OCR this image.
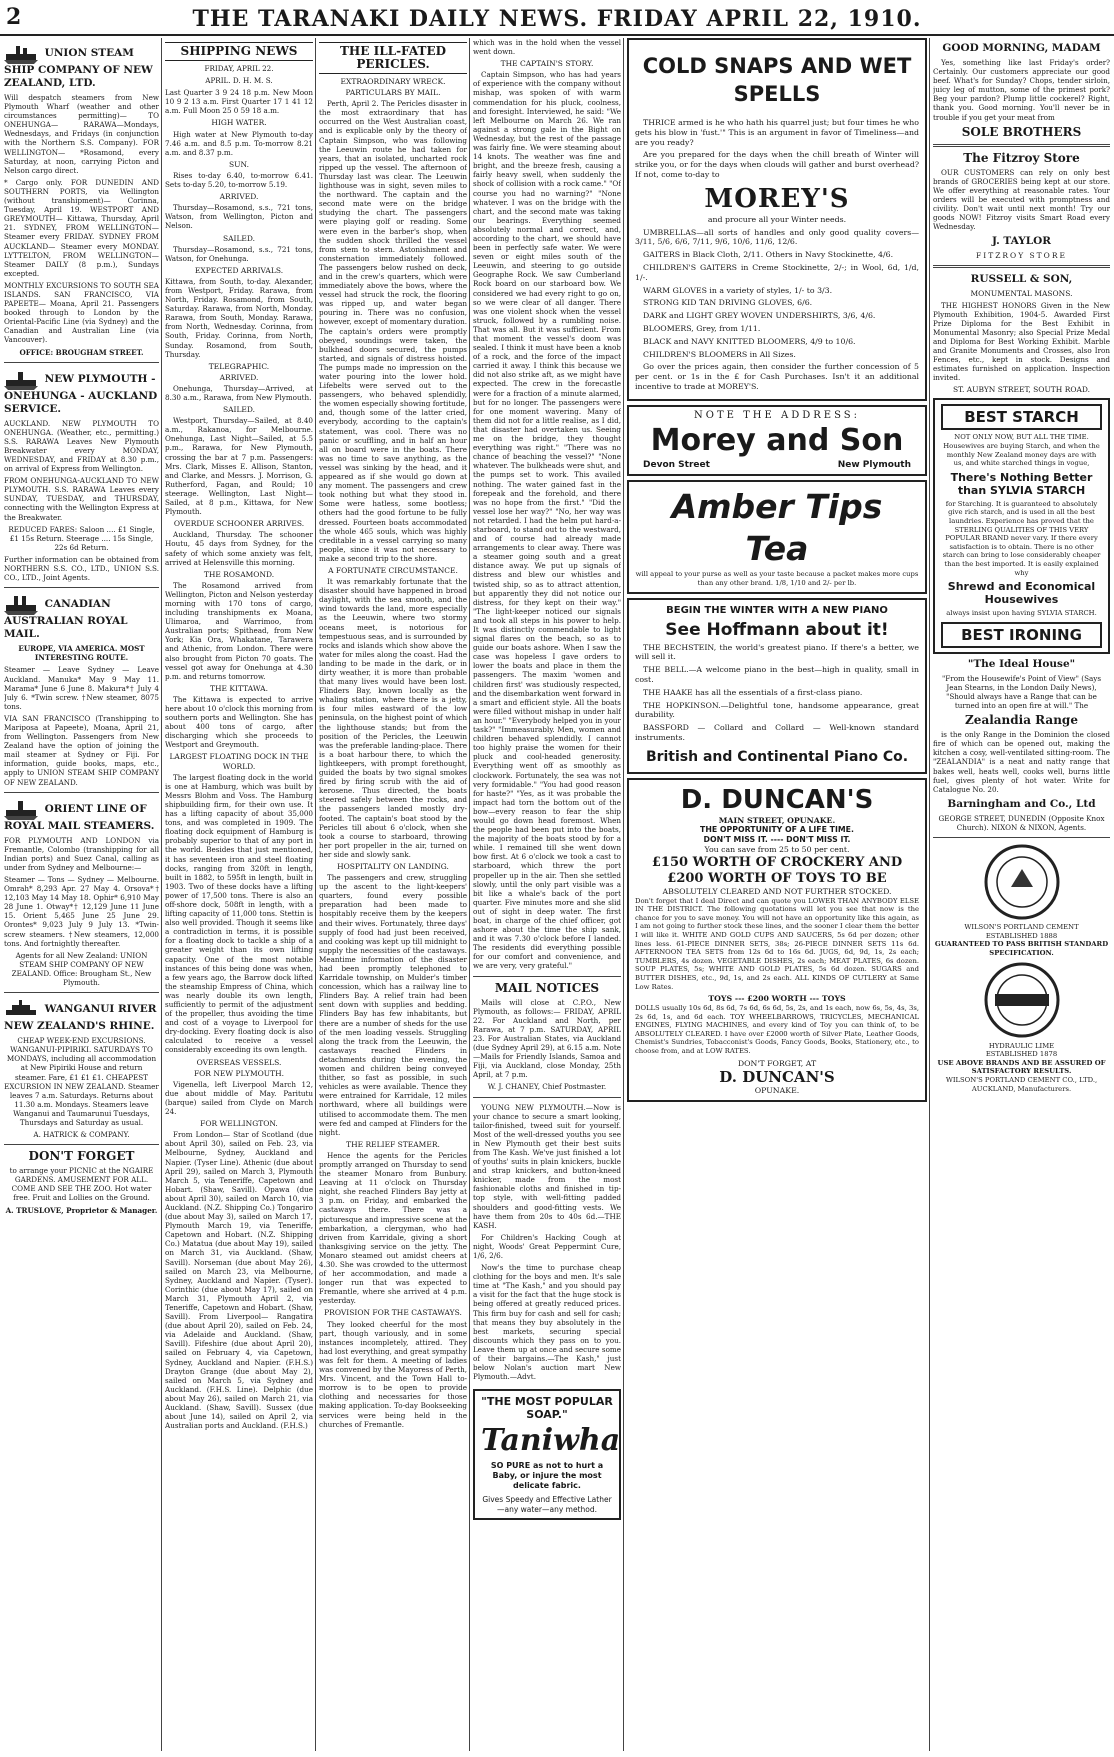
2	THE TARANAKI DAILY NEWS. FRIDAY APRIL 22, 1910.
UNION STEAM SHIP COMPANY OF NEW ZEALAND, LTD.

Will despatch steamers from New Plymouth Wharf (weather and other circumstances permitting)— TO ONEHUNGA— RARAWA—Mondays, Wednesdays, and Fridays (in conjunction with the Northern S.S. Company). FOR WELLINGTON— *Rosamond, every Saturday, at noon, carrying Picton and Nelson cargo direct.

* Cargo only. FOR DUNEDIN AND SOUTHERN PORTS, via Wellington (without transhipment)— Corinna, Tuesday, April 19. WESTPORT AND GREYMOUTH— Kittawa, Thursday, April 21. SYDNEY, FROM WELLINGTON— Steamer every FRIDAY. SYDNEY FROM AUCKLAND— Steamer every MONDAY. LYTTELTON, FROM WELLINGTON— Steamer DAILY (8 p.m.), Sundays excepted.

MONTHLY EXCURSIONS TO SOUTH SEA ISLANDS. SAN FRANCISCO, VIA PAPEETE— Moana, April 21. Passengers booked through to London by the Oriental-Pacific Line (via Sydney) and the Canadian and Australian Line (via Vancouver).

OFFICE: BROUGHAM STREET.

NEW PLYMOUTH - ONEHUNGA - AUCKLAND SERVICE.

AUCKLAND. NEW PLYMOUTH TO ONEHUNGA. (Weather, etc., permitting.) S.S. RARAWA Leaves New Plymouth Breakwater every MONDAY, WEDNESDAY, and FRIDAY at 8.30 p.m., on arrival of Express from Wellington.

FROM ONEHUNGA-AUCKLAND TO NEW PLYMOUTH. S.S. RARAWA Leaves every SUNDAY, TUESDAY, and THURSDAY, connecting with the Wellington Express at the Breakwater.

REDUCED FARES: Saloon .... £1 Single, £1 15s Return. Steerage .... 15s Single, 22s 6d Return.

Further information can be obtained from NORTHERN S.S. CO., LTD., UNION S.S. CO., LTD., Joint Agents.

CANADIAN AUSTRALIAN ROYAL MAIL.

EUROPE, VIA AMERICA. MOST INTERESTING ROUTE.

Steamer — Leave Sydney — Leave Auckland. Manuka* May 9 May 11. Marama* June 6 June 8. Makura*† July 4 July 6. *Twin screw. †New steamer, 8075 tons.

VIA SAN FRANCISCO (Transhipping to Mariposa at Papeete), Moana, April 21, from Wellington. Passengers from New Zealand have the option of joining the mail steamer at Sydney or Fiji. For information, guide books, maps, etc., apply to UNION STEAM SHIP COMPANY OF NEW ZEALAND.

ORIENT LINE OF ROYAL MAIL STEAMERS.

FOR PLYMOUTH AND LONDON via Fremantle, Colombo (transhipping for all Indian ports) and Suez Canal, calling as under from Sydney and Melbourne:—

Steamer — Tons — Sydney — Melbourne. Omrah* 8,293 Apr. 27 May 4. Orsova*† 12,103 May 14 May 18. Ophir* 6,910 May 28 June 1. Otway*† 12,129 June 11 June 15. Orient 5,465 June 25 June 29. Orontes* 9,023 July 9 July 13. *Twin-screw steamers. †New steamers, 12,000 tons. And fortnightly thereafter.

Agents for all New Zealand: UNION STEAM SHIP COMPANY OF NEW ZEALAND. Office: Brougham St., New Plymouth.

WANGANUI RIVER NEW ZEALAND'S RHINE.

CHEAP WEEK-END EXCURSIONS. WANGANUI-PIPIRIKI. SATURDAYS TO MONDAYS, including all accommodation at New Pipiriki House and return steamer. Fare, £1 £1 £1. CHEAPEST EXCURSION IN NEW ZEALAND. Steamer leaves 7 a.m. Saturdays. Returns about 11.30 a.m. Mondays. Steamers leave Wanganui and Taumarunui Tuesdays, Thursdays and Saturday as usual.

A. HATRICK & COMPANY.

DON'T FORGET

to arrange your PICNIC at the NGAIRE GARDENS. AMUSEMENT FOR ALL. COME AND SEE THE ZOO. Hot water free. Fruit and Lollies on the Ground.

A. TRUSLOVE, Proprietor & Manager.

SHIPPING NEWS

FRIDAY, APRIL 22.

APRIL. D. H. M. S.

Last Quarter 3 9 24 18 p.m. New Moon 10 9 2 13 a.m. First Quarter 17 1 41 12 a.m. Full Moon 25 0 59 18 a.m.

HIGH WATER.

High water at New Plymouth to-day 7.46 a.m. and 8.5 p.m. To-morrow 8.21 a.m. and 8.37 p.m.

SUN.

Rises to-day 6.40, to-morrow 6.41. Sets to-day 5.20, to-morrow 5.19.

ARRIVED.

Thursday—Rosamond, s.s., 721 tons, Watson, from Wellington, Picton and Nelson.

SAILED.

Thursday—Rosamond, s.s., 721 tons, Watson, for Onehunga.

EXPECTED ARRIVALS.

Kittawa, from South, to-day. Alexander, from Westport, Friday. Rarawa, from North, Friday. Rosamond, from South, Saturday. Rarawa, from North, Monday. Rarawa, from South, Monday. Rarawa, from North, Wednesday. Corinna, from South, Friday. Corinna, from North, Sunday. Rosamond, from South, Thursday.

TELEGRAPHIC.
ARRIVED.

Onehunga, Thursday—Arrived, at 8.30 a.m., Rarawa, from New Plymouth.

SAILED.

Westport, Thursday—Sailed, at 8.40 a.m., Rakanoa, for Melbourne. Onehunga, Last Night—Sailed, at 5.5 p.m., Rarawa, for New Plymouth, crossing the bar at 7 p.m. Passengers: Mrs. Clark, Misses E. Allison, Stanton, and Clarke, and Messrs. J. Morrison, G. Rutherford, Fagan, and Rould; 10 steerage. Wellington, Last Night—Sailed, at 8 p.m., Kittawa, for New Plymouth.

OVERDUE SCHOONER ARRIVES.

Auckland, Thursday. The schooner Houtu, 45 days from Sydney, for the safety of which some anxiety was felt, arrived at Helensville this morning.

THE ROSAMOND.

The Rosamond arrived from Wellington, Picton and Nelson yesterday morning with 170 tons of cargo, including transhipments ex Moana, Ulimaroa, and Warrimoo, from Australian ports; Spithead, from New York; Kia Ora, Whakatane, Tarawera and Athenic, from London. There were also brought from Picton 70 goats. The vessel got away for Onehunga at 4.30 p.m. and returns tomorrow.

THE KITTAWA.

The Kittawa is expected to arrive here about 10 o'clock this morning from southern ports and Wellington. She has about 400 tons of cargo, after discharging which she proceeds to Westport and Greymouth.

LARGEST FLOATING DOCK IN THE WORLD.

The largest floating dock in the world is one at Hamburg, which was built by Messrs Blohm and Voss. The Hamburg shipbuilding firm, for their own use. It has a lifting capacity of about 35,000 tons, and was completed in 1909. The floating dock equipment of Hamburg is probably superior to that of any port in the world. Besides that just mentioned, it has seventeen iron and steel floating docks, ranging from 320ft in length, built in 1882, to 595ft in length, built in 1903. Two of these docks have a lifting power of 17,500 tons. There is also an off-shore dock, 508ft in length, with a lifting capacity of 11,000 tons. Stettin is also well provided. Though it seems like a contradiction in terms, it is possible for a floating dock to tackle a ship of a greater weight than its own lifting capacity. One of the most notable instances of this being done was when, a few years ago, the Barrow dock lifted the steamship Empress of China, which was nearly double its own length, sufficiently to permit of the adjustment of the propeller, thus avoiding the time and cost of a voyage to Liverpool for dry-docking. Every floating dock is also calculated to receive a vessel considerably exceeding its own length.

OVERSEAS VESSELS.
FOR NEW PLYMOUTH.

Vigenella, left Liverpool March 12, due about middle of May. Paritutu (barque) sailed from Clyde on March 24.

FOR WELLINGTON.

From London— Star of Scotland (due about April 30), sailed on Feb. 23, via Melbourne, Sydney, Auckland and Napier. (Tyser Line). Athenic (due about April 29), sailed on March 3, Plymouth March 5, via Teneriffe, Capetown and Hobart. (Shaw, Savill). Opawa (due about April 30), sailed on March 10, via Auckland. (N.Z. Shipping Co.) Tongariro (due about May 3), sailed on March 17, Plymouth March 19, via Teneriffe, Capetown and Hobart. (N.Z. Shipping Co.) Matatua (due about May 19), sailed on March 31, via Auckland. (Shaw, Savill). Norseman (due about May 26), sailed on March 23, via Melbourne, Sydney, Auckland and Napier. (Tyser). Corinthic (due about May 17), sailed on March 31, Plymouth April 2, via Teneriffe, Capetown and Hobart. (Shaw, Savill). From Liverpool— Rangatira (due about April 20), sailed on Feb. 24, via Adelaide and Auckland. (Shaw, Savill). Fifeshire (due about April 20), sailed on February 4, via Capetown, Sydney, Auckland and Napier. (F.H.S.) Drayton Grange (due about May 2), sailed on March 5, via Sydney and Auckland. (F.H.S. Line). Delphic (due about May 26), sailed on March 21, via Auckland. (Shaw, Savill). Sussex (due about June 14), sailed on April 2, via Australian ports and Auckland. (F.H.S.)

THE ILL-FATED PERICLES.
EXTRAORDINARY WRECK.
PARTICULARS BY MAIL.

Perth, April 2. The Pericles disaster in the most extraordinary that has occurred on the West Australian coast, and is explicable only by the theory of Captain Simpson, who was following the Leeuwin route he had taken for years, that an isolated, uncharted rock ripped up the vessel. The afternoon of Thursday last was clear. The Leeuwin lighthouse was in sight, seven miles to the northward. The captain and the second mate were on the bridge studying the chart. The passengers were playing golf or reading. Some were even in the barber's shop, when the sudden shock thrilled the vessel from stem to stern. Astonishment and consternation immediately followed. The passengers below rushed on deck, and in the crew's quarters, which were immediately above the bows, where the vessel had struck the rock, the flooring was ripped up, and water began pouring in. There was no confusion, however, except of momentary duration. The captain's orders were promptly obeyed, soundings were taken, the bulkhead doors secured, the pumps started, and signals of distress hoisted. The pumps made no impression on the water pouring into the lower hold. Lifebelts were served out to the passengers, who behaved splendidly, the women especially showing fortitude, and, though some of the latter cried, everybody, according to the captain's statement, was cool. There was no panic or scuffling, and in half an hour all on board were in the boats. There was no time to save anything, as the vessel was sinking by the head, and it appeared as if she would go down at any moment. The passengers and crew took nothing but what they stood in. Some were hatless, some bootless; others had the good fortune to be fully dressed. Fourteen boats accommodated the whole 465 souls, which was highly creditable in a vessel carrying so many people, since it was not necessary to make a second trip to the shore.

A FORTUNATE CIRCUMSTANCE.

It was remarkably fortunate that the disaster should have happened in broad daylight, with the sea smooth, and the wind towards the land, more especially as the Leeuwin, where two stormy oceans meet, is notorious for tempestuous seas, and is surrounded by rocks and islands which show above the water for miles along the coast. Had the landing to be made in the dark, or in dirty weather, it is more than probable that many lives would have been lost. Flinders Bay, known locally as the whaling station, where there is a jetty, is four miles eastward of the low peninsula, on the highest point of which the lighthouse stands; but from the position of the Pericles, the Leeuwin was the preferable landing-place. There is a boat harbour there, to which the lightkeepers, with prompt forethought, guided the boats by two signal smokes fired by firing scrub with the aid of kerosene. Thus directed, the boats steered safely between the rocks, and the passengers landed mostly dry-footed. The captain's boat stood by the Pericles till about 6 o'clock, when she took a course to starboard, throwing her port propeller in the air, turned on her side and slowly sank.

HOSPITALITY ON LANDING.

The passengers and crew, struggling up the ascent to the light-keepers' quarters, found every possible preparation had been made to hospitably receive them by the keepers and their wives. Fortunately, three days' supply of food had just been received, and cooking was kept up till midnight to supply the necessities of the castaways. Meantime information of the disaster had been promptly telephoned to Karridale township, on Mulder's timber concession, which has a railway line to Flinders Bay. A relief train had been sent down with supplies and bedding. Flinders Bay has few inhabitants, but there are a number of sheds for the use of the men loading vessels. Struggling along the track from the Leeuwin, the castaways reached Flinders in detachments during the evening, the women and children being conveyed thither, so fast as possible, in such vehicles as were available. Thence they were entrained for Karridale, 12 miles northward, where all buildings were utilised to accommodate them. The men were fed and camped at Flinders for the night.

THE RELIEF STEAMER.

Hence the agents for the Pericles promptly arranged on Thursday to send the steamer Monaro from Bunbury. Leaving at 11 o'clock on Thursday night, she reached Flinders Bay jetty at 3 p.m. on Friday, and embarked the castaways there. There was a picturesque and impressive scene at the embarkation, a clergyman, who had driven from Karridale, giving a short thanksgiving service on the jetty. The Monaro steamed out amidst cheers at 4.30. She was crowded to the uttermost of her accommodation, and made a longer run that was expected to Fremantle, where she arrived at 4 p.m. yesterday.

PROVISION FOR THE CASTAWAYS.

They looked cheerful for the most part, though variously, and in some instances incompletely, attired. They had lost everything, and great sympathy was felt for them. A meeting of ladies was convened by the Mayoress of Perth, Mrs. Vincent, and the Town Hall to-morrow is to be open to provide clothing and necessaries for those making application. To-day Bookseeking services were being held in the churches of Fremantle.

which was in the hold when the vessel went down.

THE CAPTAIN'S STORY.

Captain Simpson, who has had years of experience with the company without mishap, was spoken of with warm commendation for his pluck, coolness, and foresight. Interviewed, he said: "We left Melbourne on March 26. We ran against a strong gale in the Bight on Wednesday, but the rest of the passage was fairly fine. We were steaming about 14 knots. The weather was fine and bright, and the breeze fresh, causing a fairly heavy swell, when suddenly the shock of collision with a rock came." "Of course you had no warning?" "None whatever. I was on the bridge with the chart, and the second mate was taking our bearings. Everything seemed absolutely normal and correct, and, according to the chart, we should have been in perfectly safe water. We were seven or eight miles south of the Leeuwin, and steering to go outside Geographe Rock. We saw Cumberland Rock board on our starboard bow. We considered we had every right to go on, so we were clear of all danger. There was one violent shock when the vessel struck, followed by a rumbling noise. That was all. But it was sufficient. From that moment the vessel's doom was sealed. I think it must have been a knob of a rock, and the force of the impact carried it away. I think this because we did not also strike aft, as we might have expected. The crew in the forecastle were for a fraction of a minute alarmed, but for no longer. The passengers were for one moment wavering. Many of them did not for a little realise, as I did, that disaster had overtaken us. Seeing me on the bridge, they thought everything was right." "There was no chance of beaching the vessel?" "None whatever. The bulkheads were shut, and the pumps set to work. This availed nothing. The water gained fast in the forepeak and the forehold, and there was no hope from the first." "Did the vessel lose her way?" "No, her way was not retarded. I had the helm put hard-a-starboard, to stand out to the westward, and of course had already made arrangements to clear away. There was a steamer going south and a great distance away. We put up signals of distress and blew our whistles and twisted ship, so as to attract attention, but apparently they did not notice our distress, for they kept on their way." "The light-keeper noticed our signals and took all steps in his power to help. It was distinctly commendable to light signal flares on the beach, so as to guide our boats ashore. When I saw the case was hopeless I gave orders to lower the boats and place in them the passengers. The maxim 'women and children first' was studiously respected, and the disembarkation went forward in a smart and efficient style. All the boats were filled without mishap in under half an hour." "Everybody helped you in your task?" "Immeasurably. Men, women and children behaved splendidly. I cannot too highly praise the women for their pluck and cool-headed generosity. Everything went off as smoothly as clockwork. Fortunately, the sea was not very formidable." "You had good reason for haste?" "Yes, as it was probable the impact had torn the bottom out of the bow—every reason to fear the ship would go down head foremost. When the people had been put into the boats, the majority of the boats stood by for a while. I remained till she went down bow first. At 6 o'clock we took a cast to starboard, which threw the port propeller up in the air. Then she settled slowly, until the only part visible was a bit like a whale's back of the port quarter. Five minutes more and she slid out of sight in deep water. The first boat, in charge of the chief officer, got ashore about the time the ship sank, and it was 7.30 o'clock before I landed. The residents did everything possible for our comfort and convenience, and we are very, very grateful."

MAIL NOTICES

Mails will close at C.P.O., New Plymouth, as follows:— FRIDAY, APRIL 22. For Auckland and North, per Rarawa, at 7 p.m. SATURDAY, APRIL 23. For Australian States, via Auckland (due Sydney April 29), at 6.15 a.m. Note—Mails for Friendly Islands, Samoa and Fiji, via Auckland, close Monday, 25th April, at 7 p.m.

W. J. CHANEY, Chief Postmaster.

YOUNG NEW PLYMOUTH.—Now is your chance to secure a smart looking, tailor-finished, tweed suit for yourself. Most of the well-dressed youths you see in New Plymouth get their best suits from The Kash. We've just finished a lot of youths' suits in plain knickers, buckle and strap knickers, and button-kneed knicker, made from the most fashionable cloths and finished in tip-top style, with well-fitting padded shoulders and good-fitting vests. We have them from 20s to 40s 6d.—THE KASH.

For Children's Hacking Cough at night, Woods' Great Peppermint Cure, 1/6, 2/6.

Now's the time to purchase cheap clothing for the boys and men. It's sale time at "The Kash," and you should pay a visit for the fact that the huge stock is being offered at greatly reduced prices. This firm buy for cash and sell for cash; that means they buy absolutely in the best markets, securing special discounts which they pass on to you. Leave them up at once and secure some of their bargains.—The Kash," just below Nolan's auction mart New Plymouth.—Advt.

"THE MOST POPULAR SOAP."
Taniwha
SO PURE as not to hurt a Baby, or injure the most delicate fabric.
Gives Speedy and Effective Lather—any water—any method.
COLD SNAPS AND WET SPELLS

THRICE armed is he who hath his quarrel just; but four times he who gets his blow in 'fust.'" This is an argument in favor of Timeliness—and are you ready?

Are you prepared for the days when the chill breath of Winter will strike you, or for the days when clouds will gather and burst overhead? If not, come to-day to

MOREY'S

and procure all your Winter needs.

UMBRELLAS—all sorts of handles and only good quality covers—3/11, 5/6, 6/6, 7/11, 9/6, 10/6, 11/6, 12/6.

GAITERS in Black Cloth, 2/11. Others in Navy Stockinette, 4/6.

CHILDREN'S GAITERS in Creme Stockinette, 2/-; in Wool, 6d, 1/d, 1/-.

WARM GLOVES in a variety of styles, 1/- to 3/3.

STRONG KID TAN DRIVING GLOVES, 6/6.

DARK and LIGHT GREY WOVEN UNDERSHIRTS, 3/6, 4/6.

BLOOMERS, Grey, from 1/11.

BLACK and NAVY KNITTED BLOOMERS, 4/9 to 10/6.

CHILDREN'S BLOOMERS in All Sizes.

Go over the prices again, then consider the further concession of 5 per cent. or 1s in the £ for Cash Purchases. Isn't it an additional incentive to trade at MOREY'S.

NOTE THE ADDRESS:
Morey and Son
Devon Street	New Plymouth
Amber Tips Tea
will appeal to your purse as well as your taste because a packet makes more cups than any other brand. 1/8, 1/10 and 2/- per lb.
BEGIN THE WINTER WITH A NEW PIANO
See Hoffmann about it!

THE BECHSTEIN, the world's greatest piano. If there's a better, we will sell it.

THE BELL.—A welcome piano in the best—high in quality, small in cost.

THE HAAKE has all the essentials of a first-class piano.

THE HOPKINSON.—Delightful tone, handsome appearance, great durability.

BASSFORD — Collard and Collard — Well-known standard instruments.

British and Continental Piano Co.
D. DUNCAN'S
MAIN STREET, OPUNAKE.
THE OPPORTUNITY OF A LIFE TIME.
DON'T MISS IT. ---- DON'T MISS IT.
You can save from 25 to 50 per cent.
£150 WORTH OF CROCKERY AND
£200 WORTH OF TOYS TO BE
ABSOLUTELY CLEARED AND NOT FURTHER STOCKED.

Don't forget that I deal Direct and can quote you LOWER THAN ANYBODY ELSE IN THE DISTRICT. The following quotations will let you see that now is the chance for you to save money. You will not have an opportunity like this again, as I am not going to further stock these lines, and the sooner I clear them the better I will like it. WHITE AND GOLD CUPS AND SAUCERS, 5s 6d per dozen; other lines less. 61-PIECE DINNER SETS, 38s; 26-PIECE DINNER SETS 11s 6d. AFTERNOON TEA SETS from 12s 6d to 16s 6d. JUGS, 6d, 9d, 1s, 2s each; TUMBLERS, 4s dozen. VEGETABLE DISHES, 2s each; MEAT PLATES, 6s dozen. SOUP PLATES, 5s; WHITE AND GOLD PLATES, 5s 6d dozen. SUGARS and BUTTER DISHES, etc., 9d, 1s, and 2s each. ALL KINDS OF CUTLERY at Same Low Rates.

TOYS --- £200 WORTH --- TOYS

DOLLS usually 10s 6d, 8s 6d, 7s 6d, 6s 6d, 5s, 2s, and 1s each, now 6s, 5s, 4s, 3s, 2s 6d, 1s, and 6d each. TOY WHEELBARROWS, TRICYCLES, MECHANICAL ENGINES, FLYING MACHINES, and every kind of Toy you can think of, to be ABSOLUTELY CLEARED. I have over £2000 worth of Silver Plate, Leather Goods, Chemist's Sundries, Tobacconist's Goods, Fancy Goods, Books, Stationery, etc., to choose from, and at LOW RATES.

DON'T FORGET, AT
D. DUNCAN'S
OPUNAKE.
GOOD MORNING, MADAM

Yes, something like last Friday's order? Certainly. Our customers appreciate our good beef. What's for Sunday? Chops, tender sirloin, juicy leg of mutton, some of the primest pork? Beg your pardon? Plump little cockerel? Right, thank you. Good morning. You'll never be in trouble if you get your meat from

SOLE BROTHERS
The Fitzroy Store

OUR CUSTOMERS can rely on only best brands of GROCERIES being kept at our store. We offer everything at reasonable rates. Your orders will be executed with promptness and civility. Don't wait until next month! Try our goods NOW! Fitzroy visits Smart Road every Wednesday.

J. TAYLOR
FITZROY STORE
RUSSELL & SON,
MONUMENTAL MASONS.

THE HIGHEST HONORS Given in the New Plymouth Exhibition, 1904-5. Awarded First Prize Diploma for the Best Exhibit in Monumental Masonry; also Special Prize Medal and Diploma for Best Working Exhibit. Marble and Granite Monuments and Crosses, also Iron Fences, etc., kept in stock. Designs and estimates furnished on application. Inspection invited.

ST. AUBYN STREET, SOUTH ROAD.
BEST STARCH
NOT ONLY NOW, BUT ALL THE TIME. Housewives are buying Starch, and when the monthly New Zealand money days are with us, and white starched things in vogue,
There's Nothing Better than SYLVIA STARCH
for Starching. It is guaranteed to absolutely give rich starch, and is used in all the best laundries. Experience has proved that the STERLING QUALITIES OF THIS VERY POPULAR BRAND never vary. If there every satisfaction is to obtain. There is no other starch can bring to lose considerably cheaper than the best imported. It is easily explained why
Shrewd and Economical Housewives
always insist upon having SYLVIA STARCH.
BEST IRONING
"The Ideal House"

"From the Housewife's Point of View" (Says Jean Stearns, in the London Daily News), "Should always have a Range that can be turned into an open fire at will." The

Zealandia Range

is the only Range in the Dominion the closed fire of which can be opened out, making the kitchen a cosy, well-ventilated sitting-room. The "ZEALANDIA" is a neat and natty range that bakes well, heats well, cooks well, burns little fuel, gives plenty of hot water. Write for Catalogue No. 20.

Barningham and Co., Ltd

GEORGE STREET, DUNEDIN (Opposite Knox Church). NIXON & NIXON, Agents.

WILSON'S PORTLAND CEMENT
ESTABLISHED 1888
GUARANTEED TO PASS BRITISH STANDARD SPECIFICATION.
HYDRAULIC LIME
ESTABLISHED 1878
USE ABOVE BRANDS AND BE ASSURED OF SATISFACTORY RESULTS.
WILSON'S PORTLAND CEMENT CO., LTD., AUCKLAND, Manufacturers.
